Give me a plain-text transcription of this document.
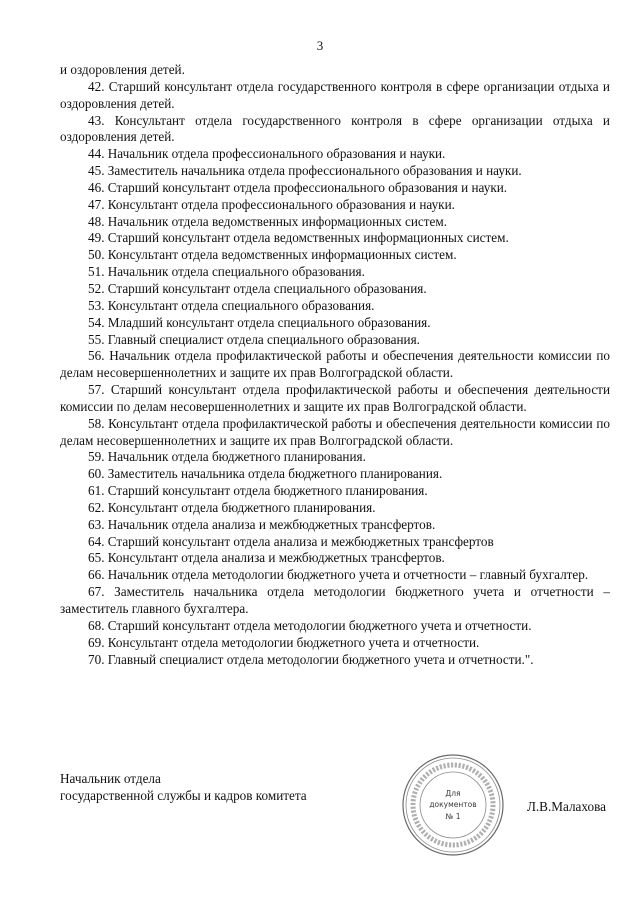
3

и оздоровления детей.

42. Старший консультант отдела государственного контроля в сфере организации отдыха и оздоровления детей.

43. Консультант отдела государственного контроля в сфере организации отдыха и оздоровления детей.

44. Начальник отдела профессионального образования и науки.

45. Заместитель начальника отдела профессионального образования и науки.

46. Старший консультант отдела профессионального образования и науки.

47. Консультант отдела профессионального образования и науки.

48. Начальник отдела ведомственных информационных систем.

49. Старший консультант отдела ведомственных информационных систем.

50. Консультант отдела ведомственных информационных систем.

51. Начальник отдела специального образования.

52. Старший консультант отдела специального образования.

53. Консультант отдела специального образования.

54. Младший консультант отдела специального образования.

55. Главный специалист отдела специального образования.

56. Начальник отдела профилактической работы и обеспечения деятельности комиссии по делам несовершеннолетних и защите их прав Волгоградской области.

57. Старший консультант отдела профилактической работы и обеспечения деятельности комиссии по делам несовершеннолетних и защите их прав Волгоградской области.

58. Консультант отдела профилактической работы и обеспечения деятельности комиссии по делам несовершеннолетних и защите их прав Волгоградской области.

59. Начальник отдела бюджетного планирования.

60. Заместитель начальника отдела бюджетного планирования.

61. Старший консультант отдела бюджетного планирования.

62. Консультант отдела бюджетного планирования.

63. Начальник отдела анализа и межбюджетных трансфертов.

64. Старший консультант отдела анализа и межбюджетных трансфертов

65. Консультант отдела анализа и межбюджетных трансфертов.

66. Начальник отдела методологии бюджетного учета и отчетности – главный бухгалтер.

67. Заместитель начальника отдела методологии бюджетного учета и отчетности – заместитель главного бухгалтера.

68. Старший консультант отдела методологии бюджетного учета и отчетности.

69. Консультант отдела методологии бюджетного учета и отчетности.

70. Главный специалист отдела методологии бюджетного учета и отчетности.".

Начальник отдела
государственной службы и кадров комитета	Для
документов
№ 1
Л.В.Малахова
